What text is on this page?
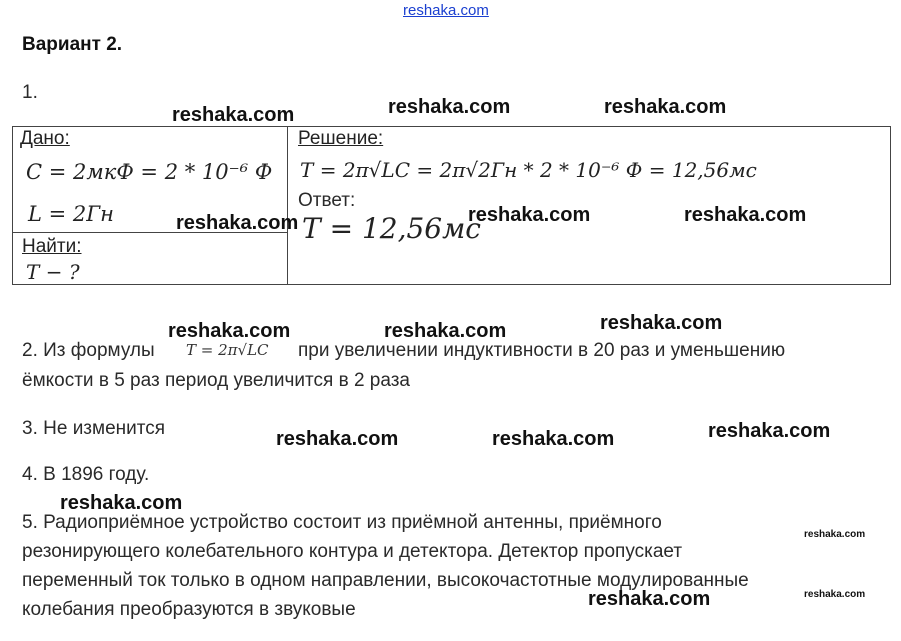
reshaka.com
Вариант 2.
1.
Дано:
C = 2мкФ = 2 * 10⁻⁶ Ф
L = 2Гн
Найти:
T − ?
Решение:
T = 2π√LC = 2π√2Гн * 2 * 10⁻⁶ Ф = 12,56мс
Ответ:
T = 12,56мс
2. Из формулы T = 2π√LC при увеличении индуктивности в 20 раз и уменьшению
ёмкости в 5 раз период увеличится в 2 раза
3. Не изменится
4. В 1896 году.
5. Радиоприёмное устройство состоит из приёмной антенны, приёмного
резонирующего колебательного контура и детектора. Детектор пропускает
переменный ток только в одном направлении, высокочастотные модулированные
колебания преобразуются в звуковые
reshaka.com	reshaka.com	reshaka.com
reshaka.com	reshaka.com	reshaka.com
reshaka.com	reshaka.com	reshaka.com
reshaka.com	reshaka.com	reshaka.com
reshaka.com
reshaka.com
reshaka.com
reshaka.com
